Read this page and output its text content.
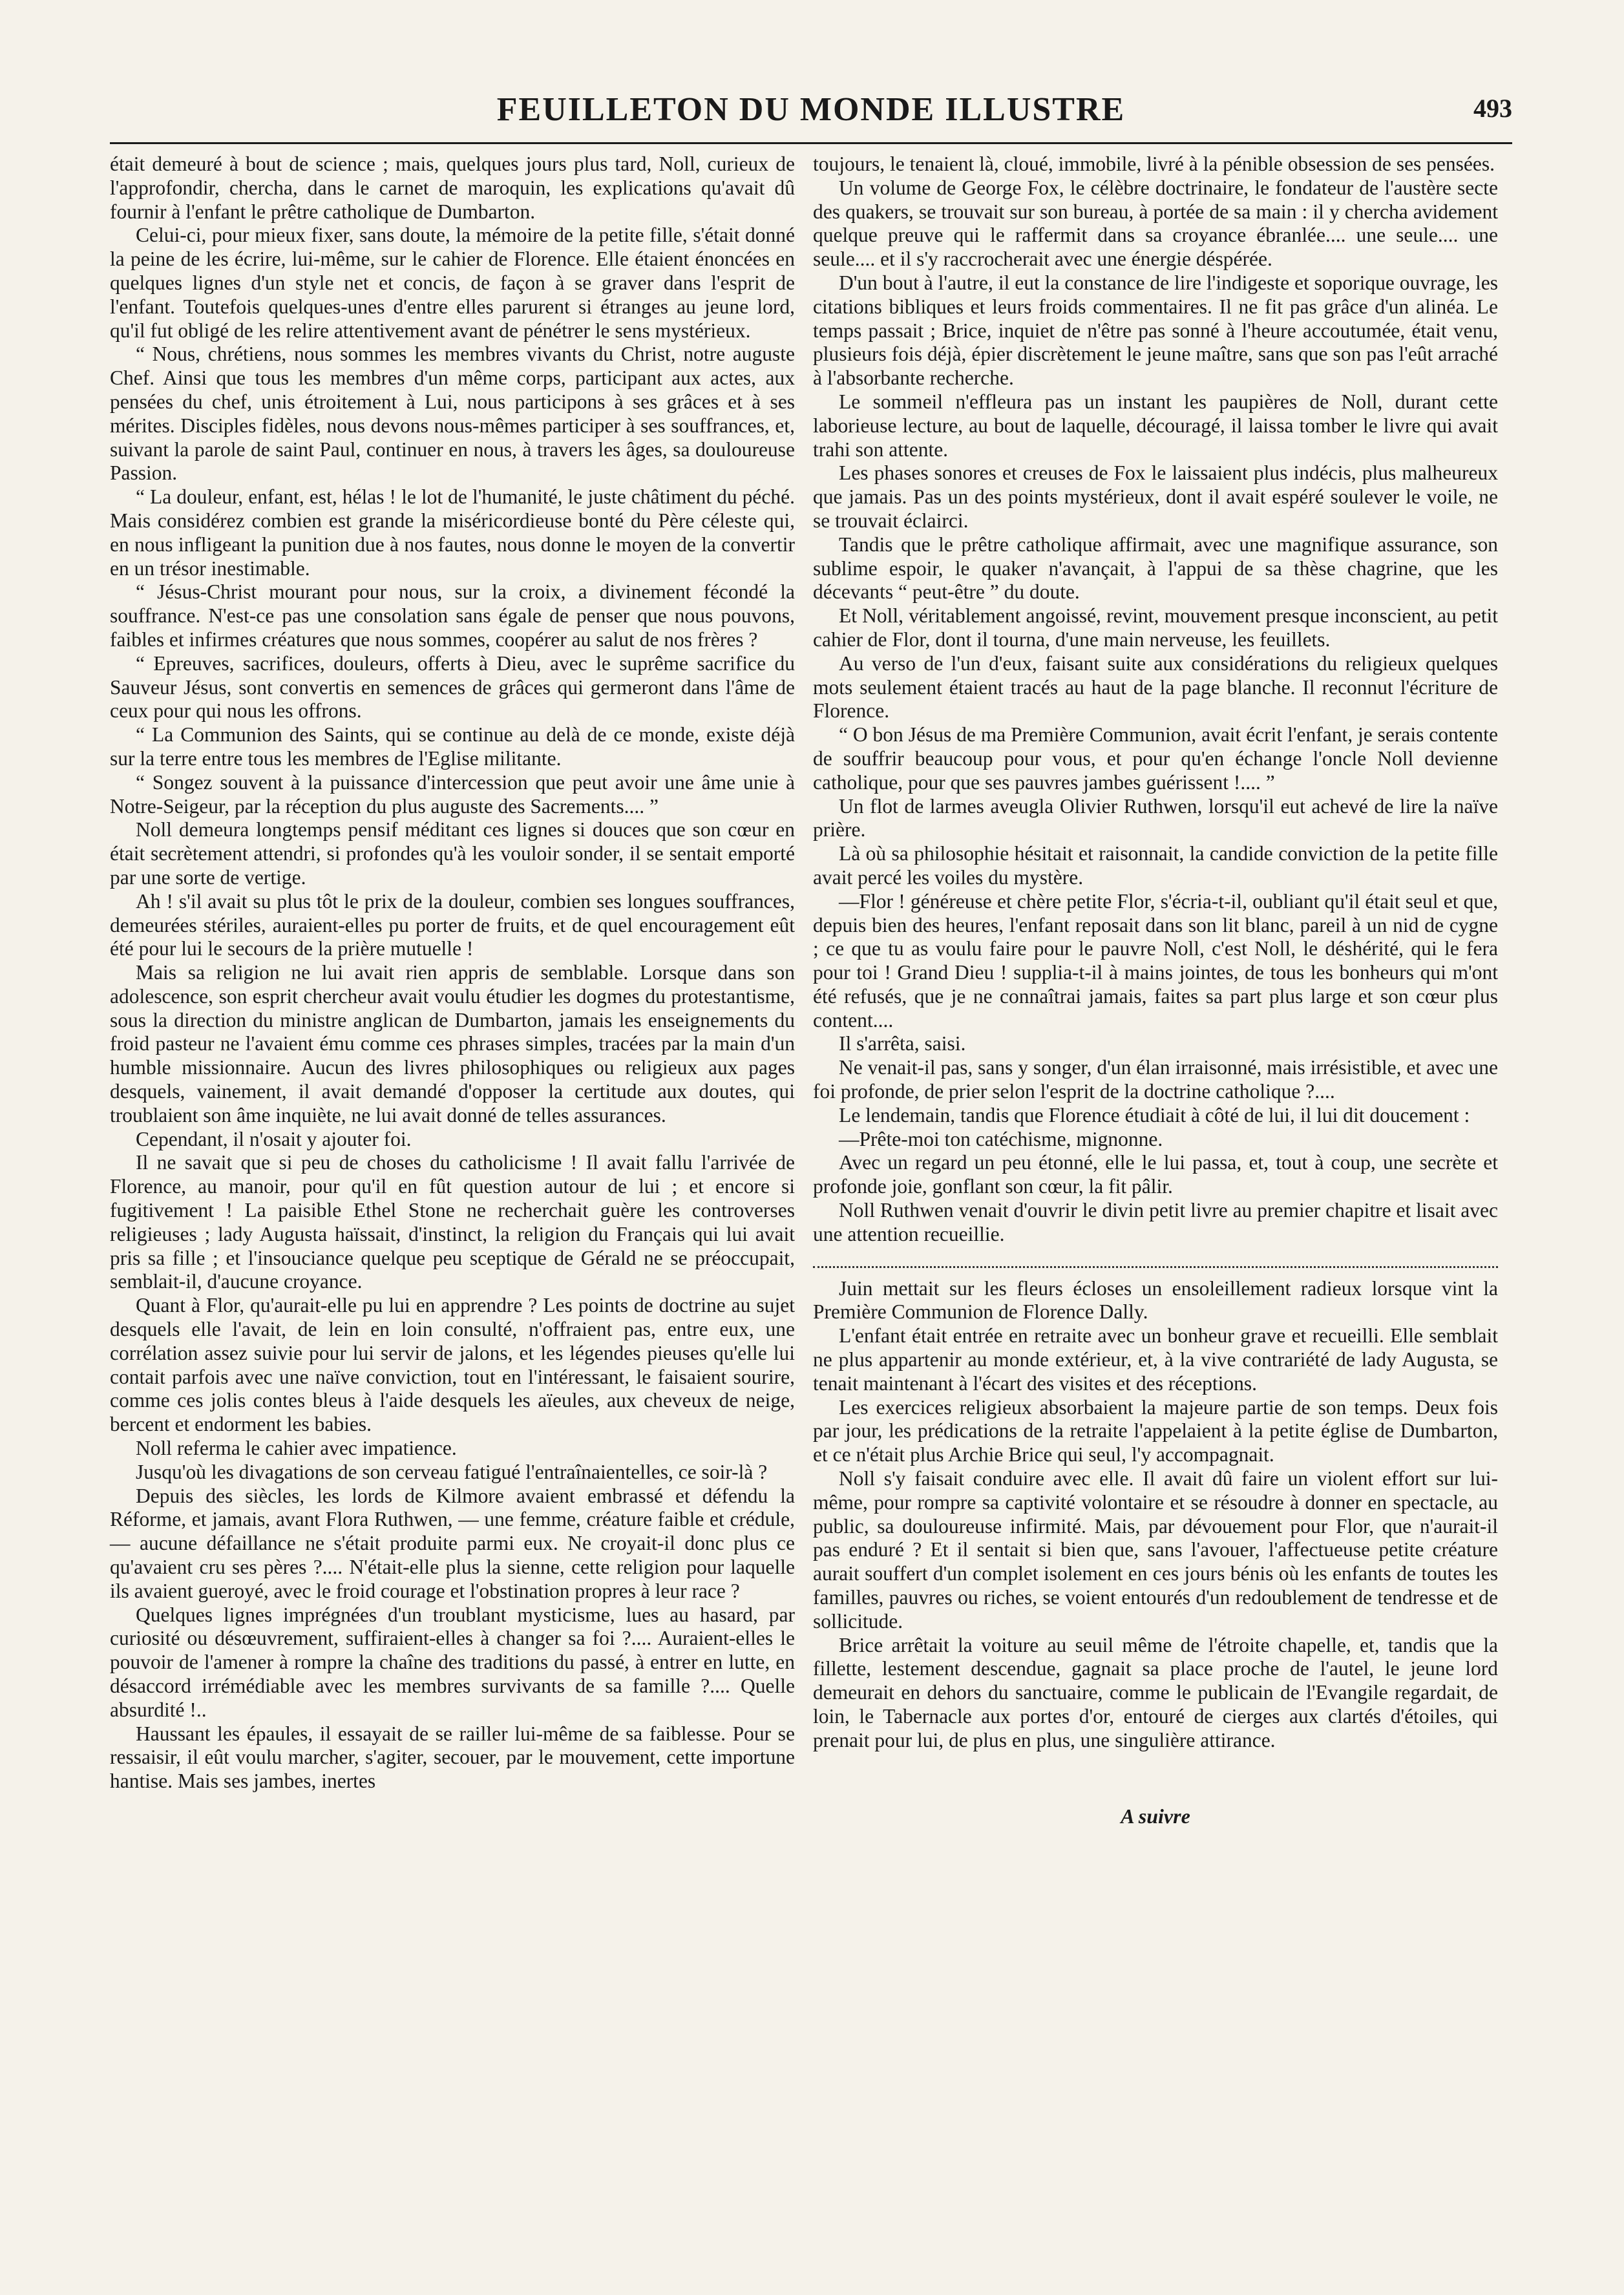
FEUILLETON DU MONDE ILLUSTRE	493

était demeuré à bout de science ; mais, quelques jours plus tard, Noll, curieux de l'approfondir, chercha, dans le carnet de maroquin, les explications qu'avait dû fournir à l'enfant le prêtre catholique de Dumbarton.

Celui-ci, pour mieux fixer, sans doute, la mémoire de la petite fille, s'était donné la peine de les écrire, lui-même, sur le cahier de Florence. Elle étaient énoncées en quelques lignes d'un style net et concis, de façon à se graver dans l'esprit de l'enfant. Toutefois quelques-unes d'entre elles parurent si étranges au jeune lord, qu'il fut obligé de les relire attentivement avant de pénétrer le sens mystérieux.

“ Nous, chrétiens, nous sommes les membres vivants du Christ, notre auguste Chef. Ainsi que tous les membres d'un même corps, participant aux actes, aux pensées du chef, unis étroitement à Lui, nous participons à ses grâces et à ses mérites. Disciples fidèles, nous devons nous-mêmes participer à ses souffrances, et, suivant la parole de saint Paul, continuer en nous, à travers les âges, sa douloureuse Passion.

“ La douleur, enfant, est, hélas ! le lot de l'humanité, le juste châtiment du péché. Mais considérez combien est grande la miséricordieuse bonté du Père céleste qui, en nous infligeant la punition due à nos fautes, nous donne le moyen de la convertir en un trésor inestimable.

“ Jésus-Christ mourant pour nous, sur la croix, a divinement fécondé la souffrance. N'est-ce pas une consolation sans égale de penser que nous pouvons, faibles et infirmes créatures que nous sommes, coopérer au salut de nos frères ?

“ Epreuves, sacrifices, douleurs, offerts à Dieu, avec le suprême sacrifice du Sauveur Jésus, sont convertis en semences de grâces qui germeront dans l'âme de ceux pour qui nous les offrons.

“ La Communion des Saints, qui se continue au delà de ce monde, existe déjà sur la terre entre tous les membres de l'Eglise militante.

“ Songez souvent à la puissance d'intercession que peut avoir une âme unie à Notre-Seigeur, par la réception du plus auguste des Sacrements.... ”

Noll demeura longtemps pensif méditant ces lignes si douces que son cœur en était secrètement attendri, si profondes qu'à les vouloir sonder, il se sentait emporté par une sorte de vertige.

Ah ! s'il avait su plus tôt le prix de la douleur, combien ses longues souffrances, demeurées stériles, auraient-elles pu porter de fruits, et de quel encouragement eût été pour lui le secours de la prière mutuelle !

Mais sa religion ne lui avait rien appris de semblable. Lorsque dans son adolescence, son esprit chercheur avait voulu étudier les dogmes du protestantisme, sous la direction du ministre anglican de Dumbarton, jamais les enseignements du froid pasteur ne l'avaient ému comme ces phrases simples, tracées par la main d'un humble missionnaire. Aucun des livres philosophiques ou religieux aux pages desquels, vainement, il avait demandé d'opposer la certitude aux doutes, qui troublaient son âme inquiète, ne lui avait donné de telles assurances.

Cependant, il n'osait y ajouter foi.

Il ne savait que si peu de choses du catholicisme ! Il avait fallu l'arrivée de Florence, au manoir, pour qu'il en fût question autour de lui ; et encore si fugitivement ! La paisible Ethel Stone ne recherchait guère les controverses religieuses ; lady Augusta haïssait, d'instinct, la religion du Français qui lui avait pris sa fille ; et l'insouciance quelque peu sceptique de Gérald ne se préoccupait, semblait-il, d'aucune croyance.

Quant à Flor, qu'aurait-elle pu lui en apprendre ? Les points de doctrine au sujet desquels elle l'avait, de lein en loin consulté, n'offraient pas, entre eux, une corrélation assez suivie pour lui servir de jalons, et les légendes pieuses qu'elle lui contait parfois avec une naïve conviction, tout en l'intéressant, le faisaient sourire, comme ces jolis contes bleus à l'aide desquels les aïeules, aux cheveux de neige, bercent et endorment les babies.

Noll referma le cahier avec impatience.

Jusqu'où les divagations de son cerveau fatigué l'entraînaientelles, ce soir-là ?

Depuis des siècles, les lords de Kilmore avaient embrassé et défendu la Réforme, et jamais, avant Flora Ruthwen, — une femme, créature faible et crédule, — aucune défaillance ne s'était produite parmi eux. Ne croyait-il donc plus ce qu'avaient cru ses pères ?.... N'était-elle plus la sienne, cette religion pour laquelle ils avaient gueroyé, avec le froid courage et l'obstination propres à leur race ?

Quelques lignes imprégnées d'un troublant mysticisme, lues au hasard, par curiosité ou désœuvrement, suffiraient-elles à changer sa foi ?.... Auraient-elles le pouvoir de l'amener à rompre la chaîne des traditions du passé, à entrer en lutte, en désaccord irrémédiable avec les membres survivants de sa famille ?.... Quelle absurdité !..

Haussant les épaules, il essayait de se railler lui-même de sa faiblesse. Pour se ressaisir, il eût voulu marcher, s'agiter, secouer, par le mouvement, cette importune hantise. Mais ses jambes, inertes

toujours, le tenaient là, cloué, immobile, livré à la pénible obsession de ses pensées.

Un volume de George Fox, le célèbre doctrinaire, le fondateur de l'austère secte des quakers, se trouvait sur son bureau, à portée de sa main : il y chercha avidement quelque preuve qui le raffermit dans sa croyance ébranlée.... une seule.... une seule.... et il s'y raccrocherait avec une énergie déspérée.

D'un bout à l'autre, il eut la constance de lire l'indigeste et soporique ouvrage, les citations bibliques et leurs froids commentaires. Il ne fit pas grâce d'un alinéa. Le temps passait ; Brice, inquiet de n'être pas sonné à l'heure accoutumée, était venu, plusieurs fois déjà, épier discrètement le jeune maître, sans que son pas l'eût arraché à l'absorbante recherche.

Le sommeil n'effleura pas un instant les paupières de Noll, durant cette laborieuse lecture, au bout de laquelle, découragé, il laissa tomber le livre qui avait trahi son attente.

Les phases sonores et creuses de Fox le laissaient plus indécis, plus malheureux que jamais. Pas un des points mystérieux, dont il avait espéré soulever le voile, ne se trouvait éclairci.

Tandis que le prêtre catholique affirmait, avec une magnifique assurance, son sublime espoir, le quaker n'avançait, à l'appui de sa thèse chagrine, que les décevants “ peut-être ” du doute.

Et Noll, véritablement angoissé, revint, mouvement presque inconscient, au petit cahier de Flor, dont il tourna, d'une main nerveuse, les feuillets.

Au verso de l'un d'eux, faisant suite aux considérations du religieux quelques mots seulement étaient tracés au haut de la page blanche. Il reconnut l'écriture de Florence.

“ O bon Jésus de ma Première Communion, avait écrit l'enfant, je serais contente de souffrir beaucoup pour vous, et pour qu'en échange l'oncle Noll devienne catholique, pour que ses pauvres jambes guérissent !.... ”

Un flot de larmes aveugla Olivier Ruthwen, lorsqu'il eut achevé de lire la naïve prière.

Là où sa philosophie hésitait et raisonnait, la candide conviction de la petite fille avait percé les voiles du mystère.

—Flor ! généreuse et chère petite Flor, s'écria-t-il, oubliant qu'il était seul et que, depuis bien des heures, l'enfant reposait dans son lit blanc, pareil à un nid de cygne ; ce que tu as voulu faire pour le pauvre Noll, c'est Noll, le déshérité, qui le fera pour toi ! Grand Dieu ! supplia-t-il à mains jointes, de tous les bonheurs qui m'ont été refusés, que je ne connaîtrai jamais, faites sa part plus large et son cœur plus content....

Il s'arrêta, saisi.

Ne venait-il pas, sans y songer, d'un élan irraisonné, mais irrésistible, et avec une foi profonde, de prier selon l'esprit de la doctrine catholique ?....

Le lendemain, tandis que Florence étudiait à côté de lui, il lui dit doucement :

—Prête-moi ton catéchisme, mignonne.

Avec un regard un peu étonné, elle le lui passa, et, tout à coup, une secrète et profonde joie, gonflant son cœur, la fit pâlir.

Noll Ruthwen venait d'ouvrir le divin petit livre au premier chapitre et lisait avec une attention recueillie.

Juin mettait sur les fleurs écloses un ensoleillement radieux lorsque vint la Première Communion de Florence Dally.

L'enfant était entrée en retraite avec un bonheur grave et recueilli. Elle semblait ne plus appartenir au monde extérieur, et, à la vive contrariété de lady Augusta, se tenait maintenant à l'écart des visites et des réceptions.

Les exercices religieux absorbaient la majeure partie de son temps. Deux fois par jour, les prédications de la retraite l'appelaient à la petite église de Dumbarton, et ce n'était plus Archie Brice qui seul, l'y accompagnait.

Noll s'y faisait conduire avec elle. Il avait dû faire un violent effort sur lui-même, pour rompre sa captivité volontaire et se résoudre à donner en spectacle, au public, sa douloureuse infirmité. Mais, par dévouement pour Flor, que n'aurait-il pas enduré ? Et il sentait si bien que, sans l'avouer, l'affectueuse petite créature aurait souffert d'un complet isolement en ces jours bénis où les enfants de toutes les familles, pauvres ou riches, se voient entourés d'un redoublement de tendresse et de sollicitude.

Brice arrêtait la voiture au seuil même de l'étroite chapelle, et, tandis que la fillette, lestement descendue, gagnait sa place proche de l'autel, le jeune lord demeurait en dehors du sanctuaire, comme le publicain de l'Evangile regardait, de loin, le Tabernacle aux portes d'or, entouré de cierges aux clartés d'étoiles, qui prenait pour lui, de plus en plus, une singulière attirance.

A suivre
